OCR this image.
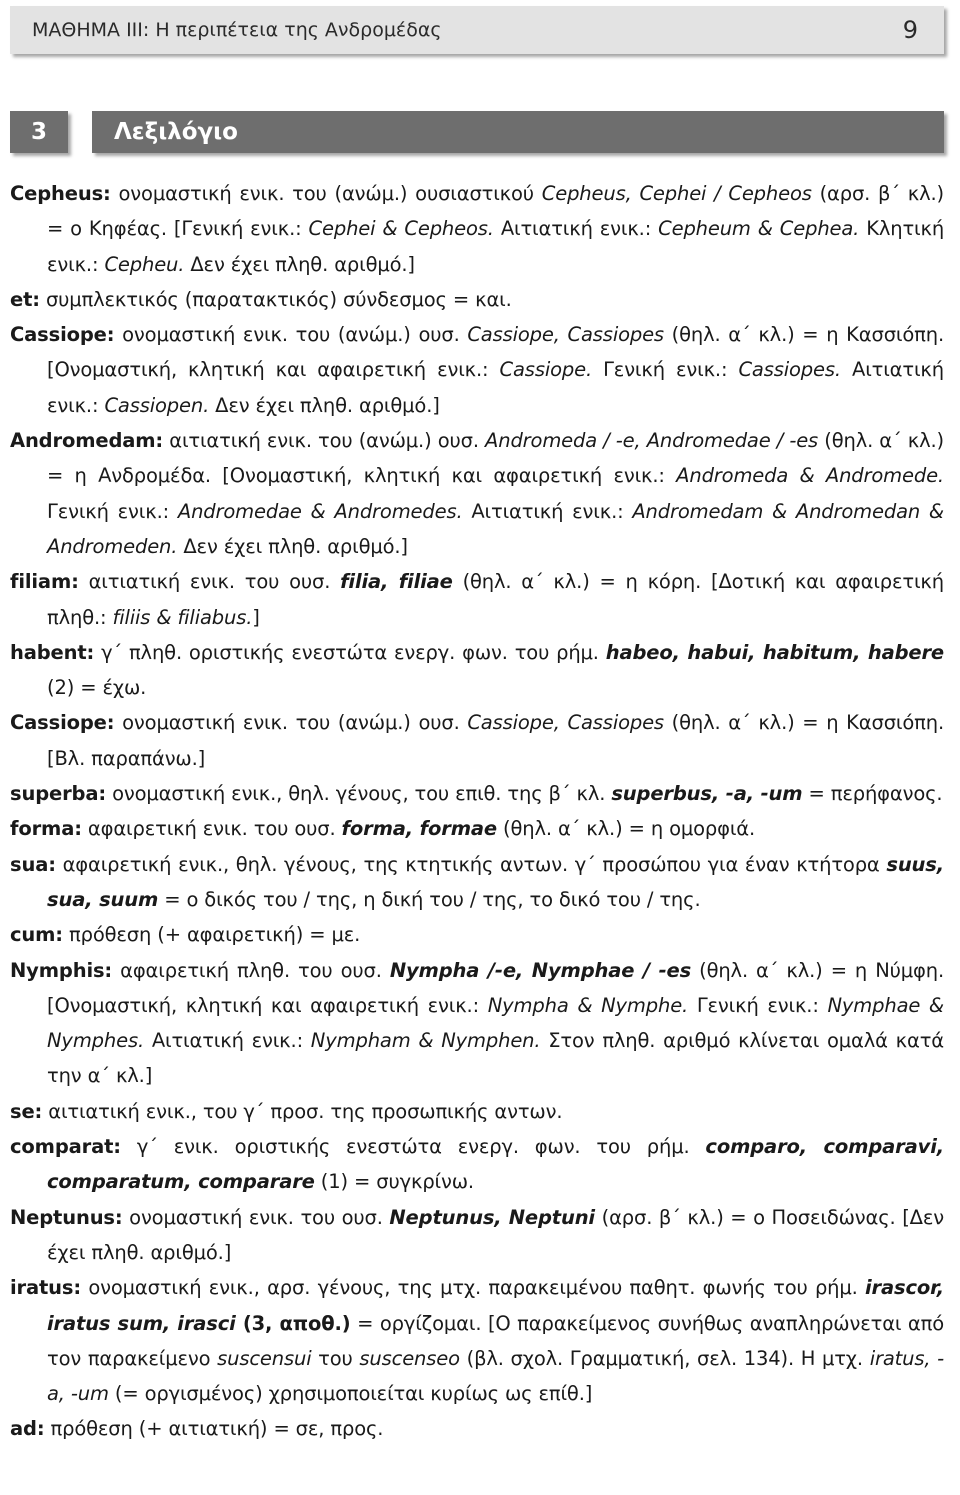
ΜΑΘΗΜΑ ΙΙΙ: Η περιπέτεια της Ανδρομέδας	9
3	Λεξιλόγιο

Cepheus: ονομαστική ενικ. του (ανώμ.) ουσιαστικού Cepheus, Cephei / Cepheos (αρσ. β΄ κλ.) = ο Κηφέας. [Γενική ενικ.: Cephei & Cepheos. Αιτιατική ενικ.: Cepheum & Cephea. Κλητική ενικ.: Cepheu. Δεν έχει πληθ. αριθμό.]

et: συμπλεκτικός (παρατακτικός) σύνδεσμος = και.

Cassiope: ονομαστική ενικ. του (ανώμ.) ουσ. Cassiope, Cassiopes (θηλ. α΄ κλ.) = η Κασσιόπη. [Ονομαστική, κλητική και αφαιρετική ενικ.: Cassiope. Γενική ενικ.: Cassiopes. Αιτιατική ενικ.: Cassiopen. Δεν έχει πληθ. αριθμό.]

Andromedam: αιτιατική ενικ. του (ανώμ.) ουσ. Andromeda / -e, Andromedae / -es (θηλ. α΄ κλ.) = η Ανδρομέδα. [Ονομαστική, κλητική και αφαιρετική ενικ.: Andromeda & Andromede. Γενική ενικ.: Andromedae & Andromedes. Αιτιατική ενικ.: Andromedam & Andromedan & Andromeden. Δεν έχει πληθ. αριθμό.]

filiam: αιτιατική ενικ. του ουσ. filia, filiae (θηλ. α΄ κλ.) = η κόρη. [Δοτική και αφαιρετική πληθ.: filiis & filiabus.]

habent: γ΄ πληθ. οριστικής ενεστώτα ενεργ. φων. του ρήμ. habeo, habui, habitum, habere (2) = έχω.

Cassiope: ονομαστική ενικ. του (ανώμ.) ουσ. Cassiope, Cassiopes (θηλ. α΄ κλ.) = η Κασσιόπη. [Βλ. παραπάνω.]

superba: ονομαστική ενικ., θηλ. γένους, του επιθ. της β΄ κλ. superbus, -a, -um = περήφανος.

forma: αφαιρετική ενικ. του ουσ. forma, formae (θηλ. α΄ κλ.) = η ομορφιά.

sua: αφαιρετική ενικ., θηλ. γένους, της κτητικής αντων. γ΄ προσώπου για έναν κτήτορα suus, sua, suum = ο δικός του / της, η δική του / της, το δικό του / της.

cum: πρόθεση (+ αφαιρετική) = με.

Nymphis: αφαιρετική πληθ. του ουσ. Nympha /-e, Nymphae / -es (θηλ. α΄ κλ.) = η Νύμφη. [Ονομαστική, κλητική και αφαιρετική ενικ.: Nympha & Nymphe. Γενική ενικ.: Nymphae & Nymphes. Αιτιατική ενικ.: Nympham & Nymphen. Στον πληθ. αριθμό κλίνεται ομαλά κατά την α΄ κλ.]

se: αιτιατική ενικ., του γ΄ προσ. της προσωπικής αντων.

comparat: γ΄ ενικ. οριστικής ενεστώτα ενεργ. φων. του ρήμ. comparo, comparavi, comparatum, comparare (1) = συγκρίνω.

Neptunus: ονομαστική ενικ. του ουσ. Neptunus, Neptuni (αρσ. β΄ κλ.) = ο Ποσειδώνας. [Δεν έχει πληθ. αριθμό.]

iratus: ονομαστική ενικ., αρσ. γένους, της μτχ. παρακειμένου παθητ. φωνής του ρήμ. irascor, iratus sum, irasci (3, αποθ.) = οργίζομαι. [Ο παρακείμενος συνήθως αναπληρώνεται από τον παρακείμενο suscensui του suscenseo (βλ. σχολ. Γραμματική, σελ. 134). Η μτχ. iratus, -a, -um (= οργισμένος) χρησιμοποιείται κυρίως ως επίθ.]

ad: πρόθεση (+ αιτιατική) = σε, προς.
